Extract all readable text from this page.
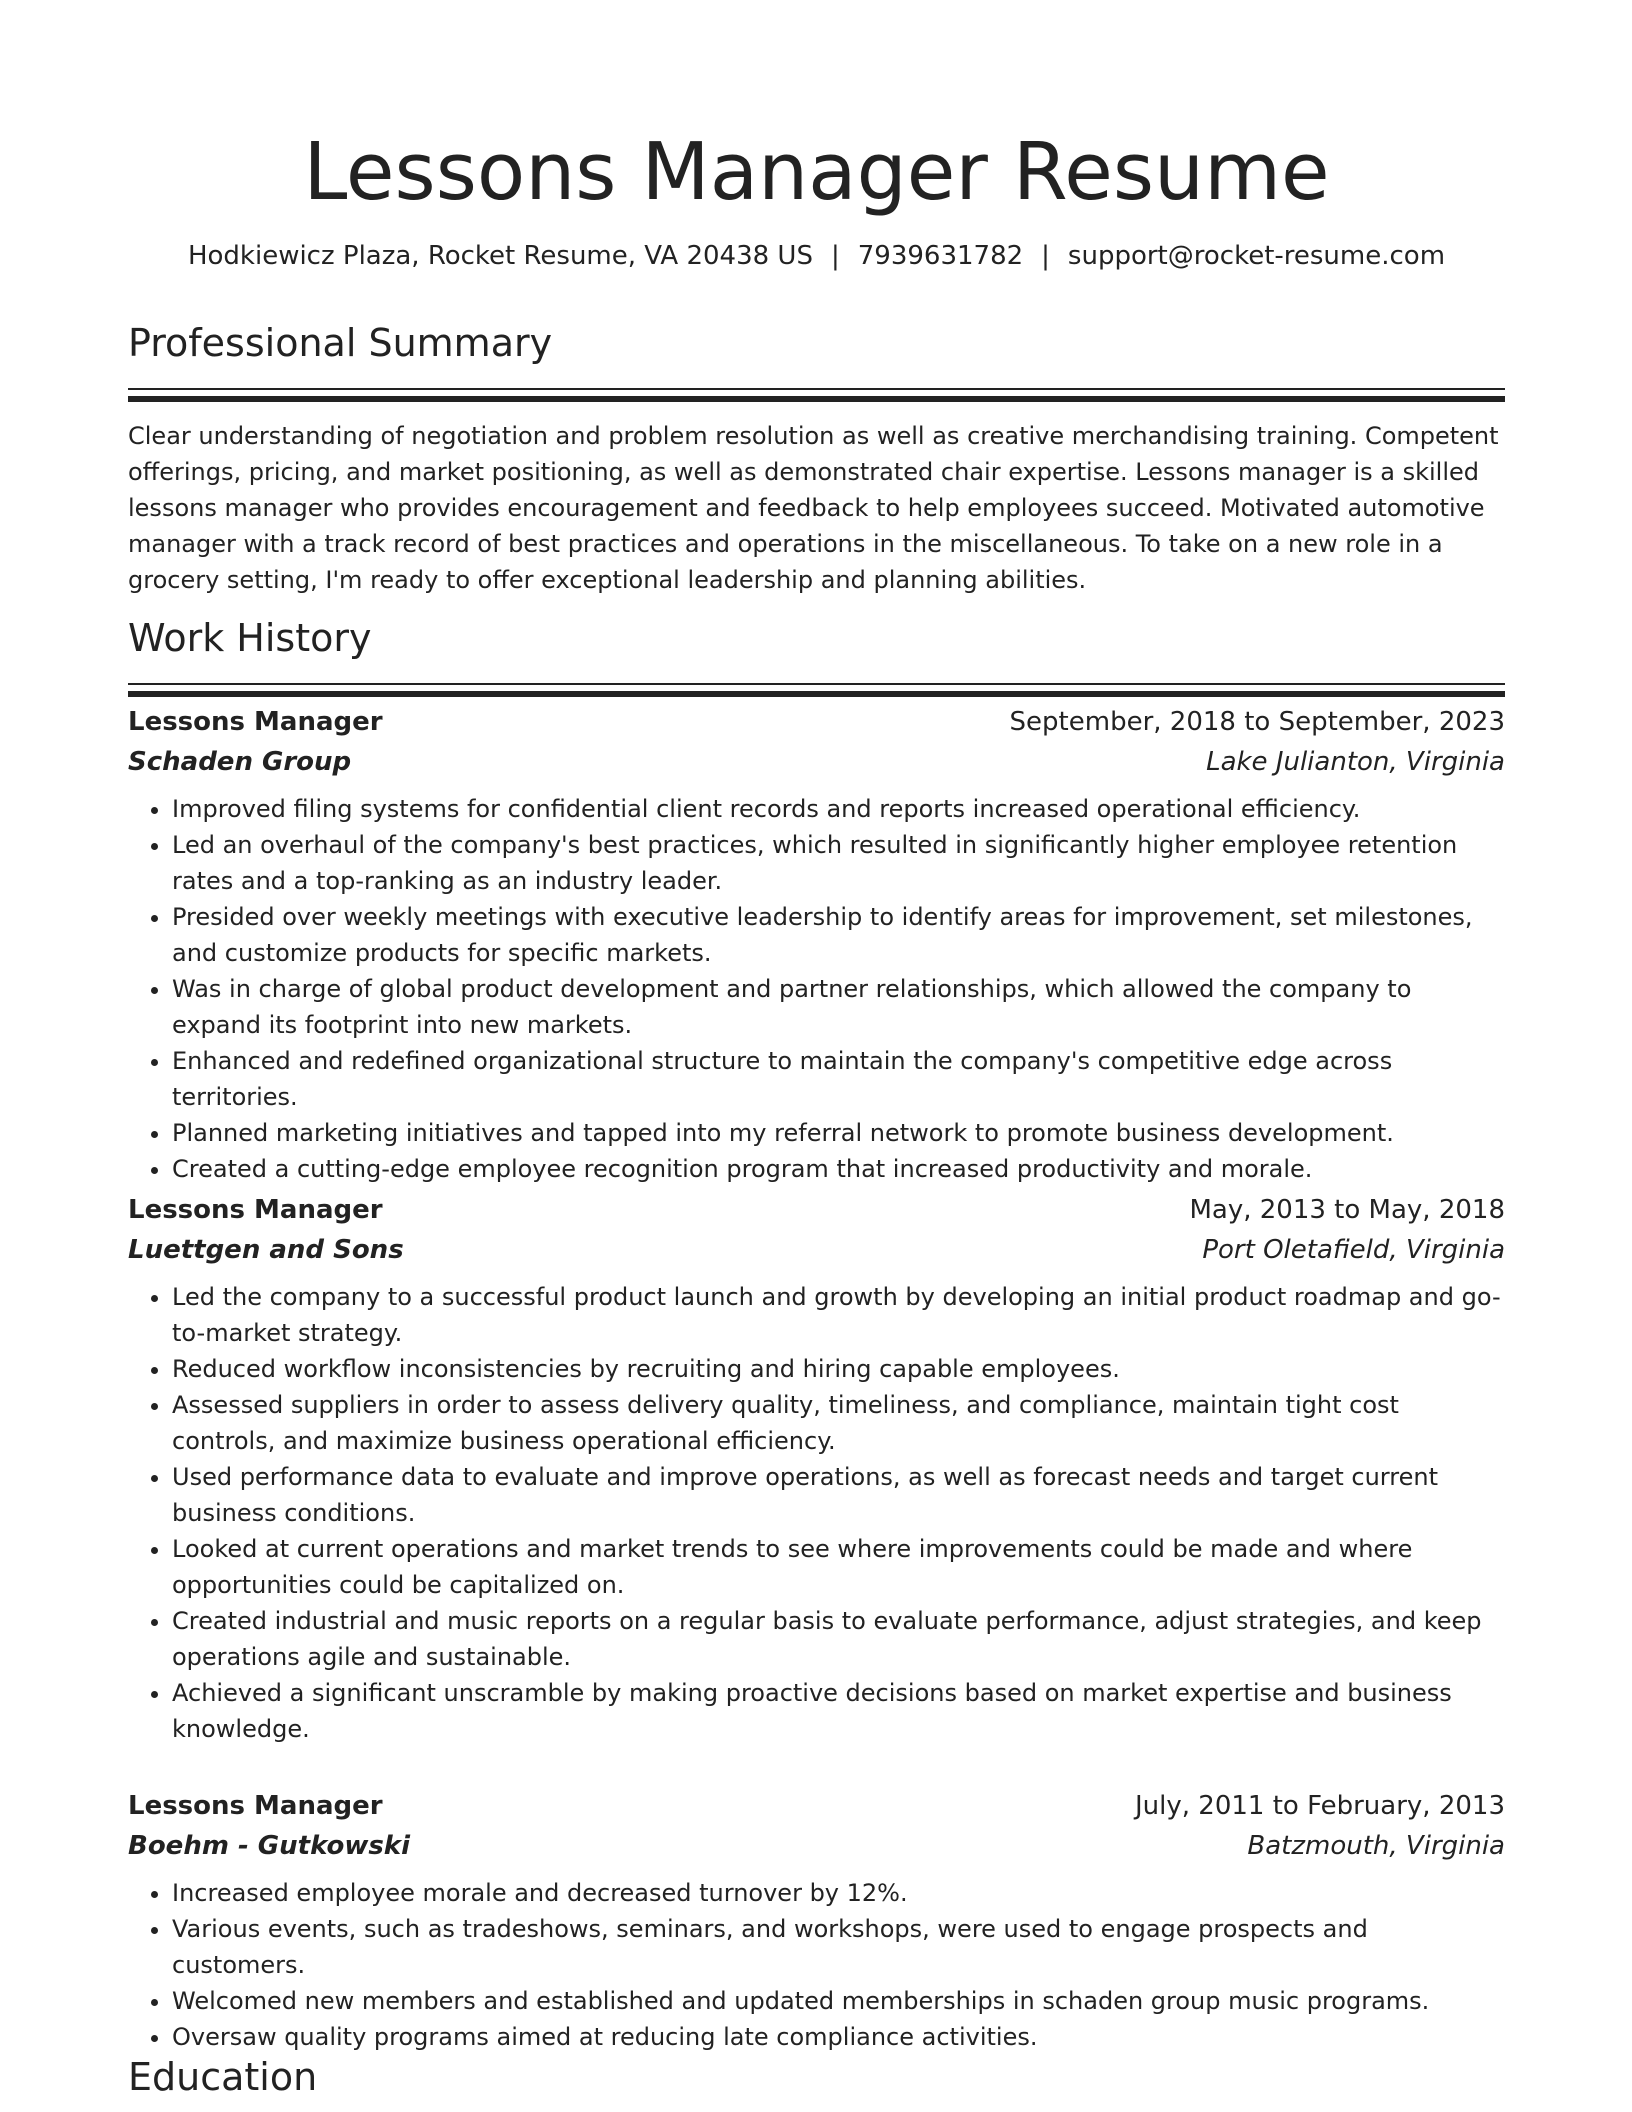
Lessons Manager Resume
Hodkiewicz Plaza, Rocket Resume, VA 20438 US | 7939631782 | support@rocket-resume.com
Professional Summary

Clear understanding of negotiation and problem resolution as well as creative merchandising training. Competent offerings, pricing, and market positioning, as well as demonstrated chair expertise. Lessons manager is a skilled lessons manager who provides encouragement and feedback to help employees succeed. Motivated automotive manager with a track record of best practices and operations in the miscellaneous. To take on a new role in a grocery setting, I'm ready to offer exceptional leadership and planning abilities.

Work History
Lessons Manager	September, 2018 to September, 2023
Schaden Group	Lake Julianton, Virginia
• Improved filing systems for confidential client records and reports increased operational efficiency.
• Led an overhaul of the company's best practices, which resulted in significantly higher employee retention rates and a top-ranking as an industry leader.
• Presided over weekly meetings with executive leadership to identify areas for improvement, set milestones, and customize products for specific markets.
• Was in charge of global product development and partner relationships, which allowed the company to expand its footprint into new markets.
• Enhanced and redefined organizational structure to maintain the company's competitive edge across territories.
• Planned marketing initiatives and tapped into my referral network to promote business development.
• Created a cutting-edge employee recognition program that increased productivity and morale.
Lessons Manager	May, 2013 to May, 2018
Luettgen and Sons	Port Oletafield, Virginia
• Led the company to a successful product launch and growth by developing an initial product roadmap and go-to-market strategy.
• Reduced workflow inconsistencies by recruiting and hiring capable employees.
• Assessed suppliers in order to assess delivery quality, timeliness, and compliance, maintain tight cost controls, and maximize business operational efficiency.
• Used performance data to evaluate and improve operations, as well as forecast needs and target current business conditions.
• Looked at current operations and market trends to see where improvements could be made and where opportunities could be capitalized on.
• Created industrial and music reports on a regular basis to evaluate performance, adjust strategies, and keep operations agile and sustainable.
• Achieved a significant unscramble by making proactive decisions based on market expertise and business knowledge.
Lessons Manager	July, 2011 to February, 2013
Boehm - Gutkowski	Batzmouth, Virginia
• Increased employee morale and decreased turnover by 12%.
• Various events, such as tradeshows, seminars, and workshops, were used to engage prospects and customers.
• Welcomed new members and established and updated memberships in schaden group music programs.
• Oversaw quality programs aimed at reducing late compliance activities.
Education
